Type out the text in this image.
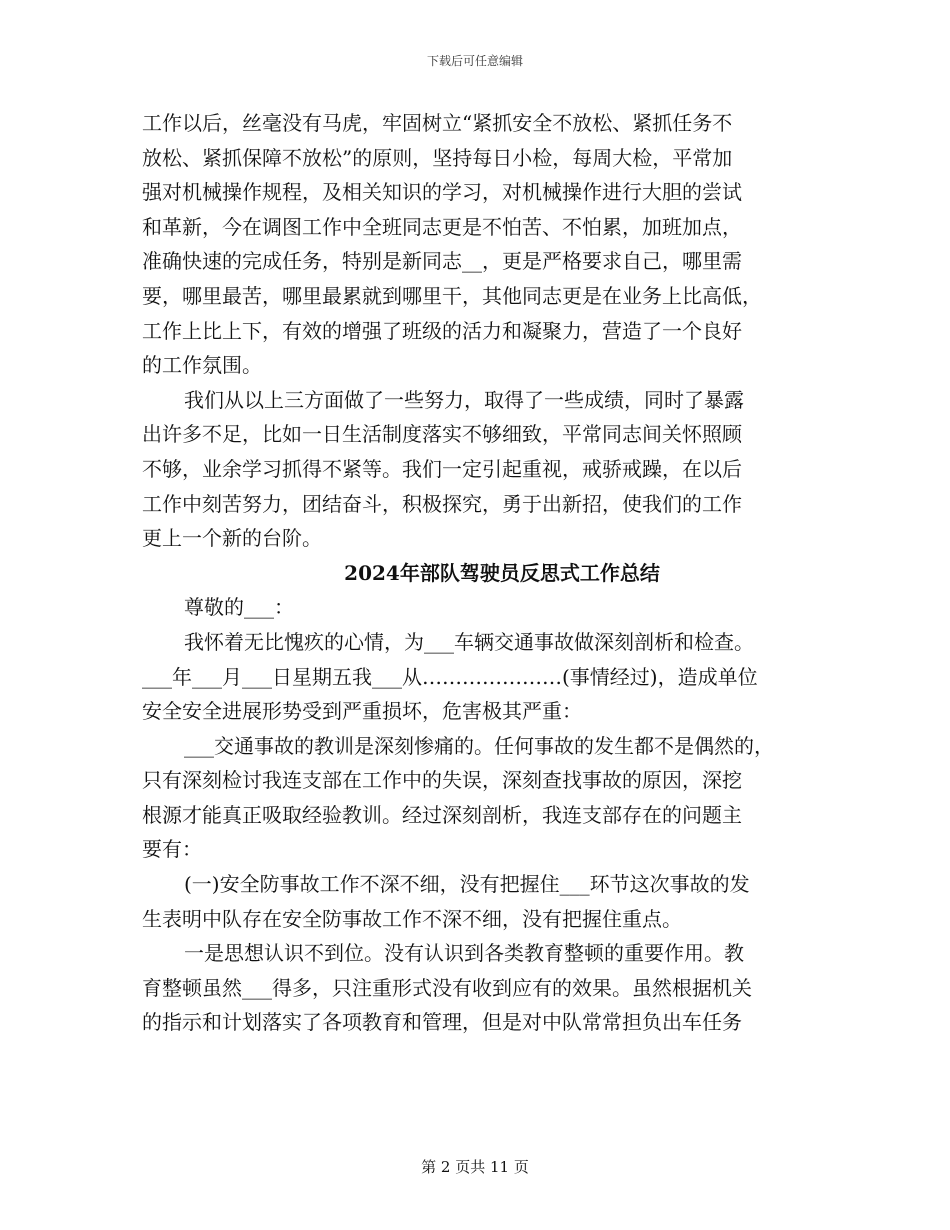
下载后可任意编辑
工作以后，丝毫没有马虎，牢固树立“紧抓安全不放松、紧抓任务不
放松、紧抓保障不放松”的原则，坚持每日小检，每周大检，平常加
强对机械操作规程，及相关知识的学习，对机械操作进行大胆的尝试
和革新，今在调图工作中全班同志更是不怕苦、不怕累，加班加点，
准确快速的完成任务，特别是新同志__，更是严格要求自己，哪里需
要，哪里最苦，哪里最累就到哪里干，其他同志更是在业务上比高低，
工作上比上下，有效的增强了班级的活力和凝聚力，营造了一个良好
的工作氛围。
我们从以上三方面做了一些努力，取得了一些成绩，同时了暴露
出许多不足，比如一日生活制度落实不够细致，平常同志间关怀照顾
不够，业余学习抓得不紧等。我们一定引起重视，戒骄戒躁，在以后
工作中刻苦努力，团结奋斗，积极探究，勇于出新招，使我们的工作
更上一个新的台阶。
2024年部队驾驶员反思式工作总结
尊敬的___：
我怀着无比愧疚的心情，为___车辆交通事故做深刻剖析和检查。
___年___月___日星期五我___从…………………(事情经过)，造成单位
安全安全进展形势受到严重损坏，危害极其严重：
___交通事故的教训是深刻惨痛的。任何事故的发生都不是偶然的，
只有深刻检讨我连支部在工作中的失误，深刻查找事故的原因，深挖
根源才能真正吸取经验教训。经过深刻剖析，我连支部存在的问题主
要有：
(一)安全防事故工作不深不细，没有把握住___环节这次事故的发
生表明中队存在安全防事故工作不深不细，没有把握住重点。
一是思想认识不到位。没有认识到各类教育整顿的重要作用。教
育整顿虽然___得多，只注重形式没有收到应有的效果。虽然根据机关
的指示和计划落实了各项教育和管理，但是对中队常常担负出车任务
第 2 页共 11 页
